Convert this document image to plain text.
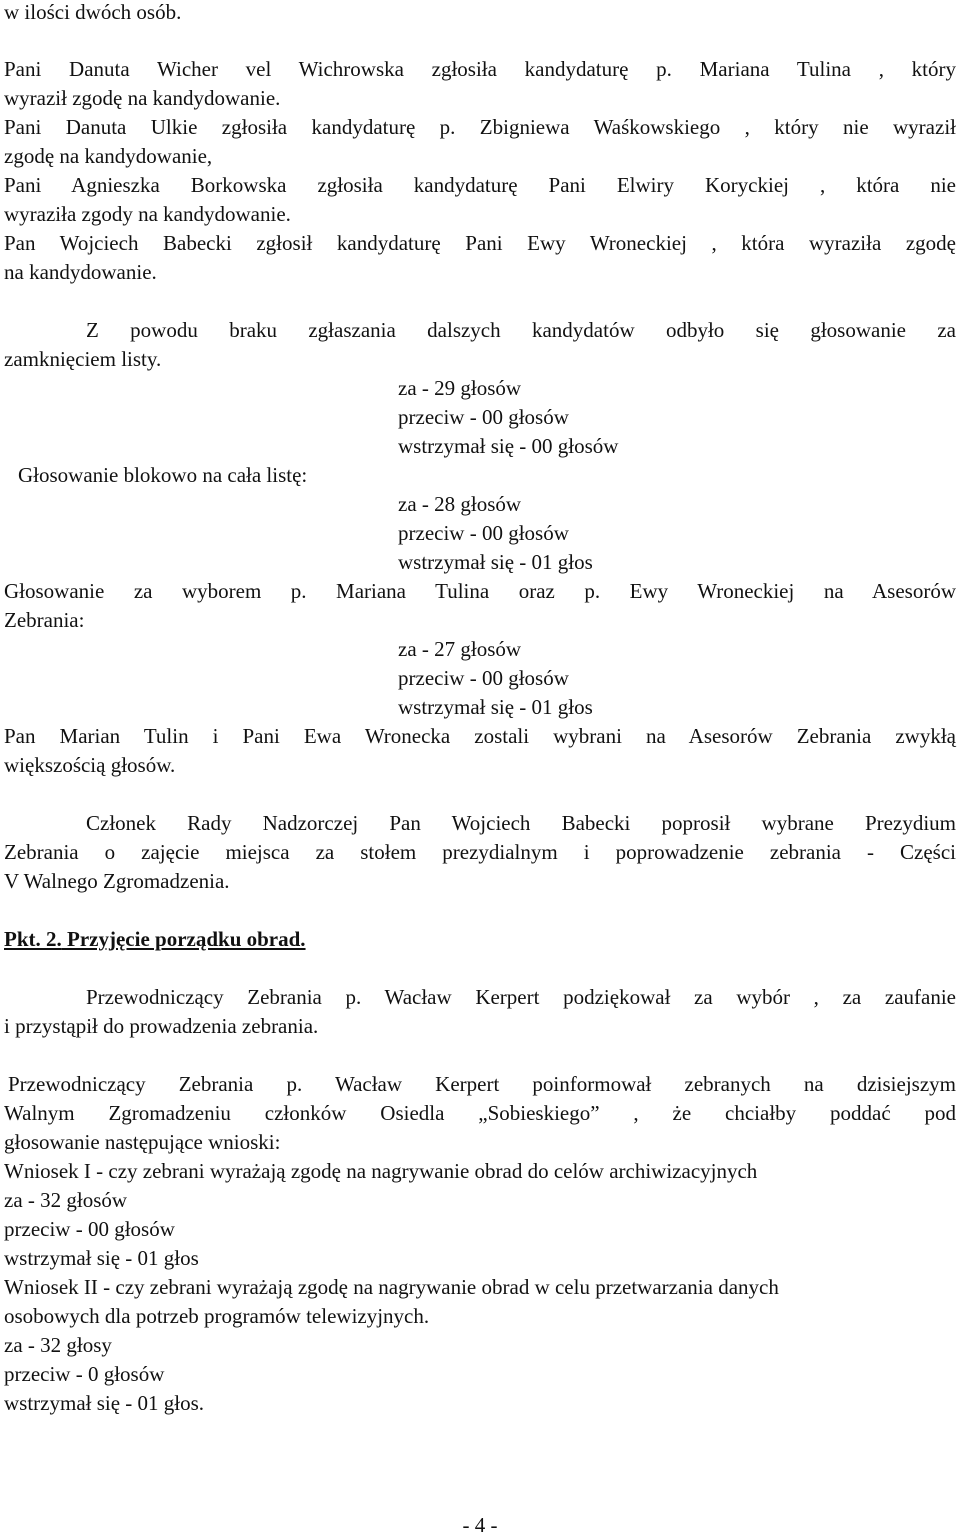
w ilości dwóch osób.
Pani Danuta Wicher vel Wichrowska zgłosiła kandydaturę p. Mariana Tulina , który
wyraził zgodę na kandydowanie.
Pani Danuta Ulkie zgłosiła kandydaturę p. Zbigniewa Waśkowskiego , który nie wyraził
zgodę na kandydowanie,
Pani Agnieszka Borkowska zgłosiła kandydaturę Pani Elwiry Koryckiej , która nie
wyraziła zgody na kandydowanie.
Pan Wojciech Babecki zgłosił kandydaturę Pani Ewy Wroneckiej , która wyraziła zgodę
na kandydowanie.
Z powodu braku zgłaszania dalszych kandydatów odbyło się głosowanie za
zamknięciem listy.
za - 29 głosów
przeciw - 00 głosów
wstrzymał się - 00 głosów
Głosowanie blokowo na cała listę:
za - 28 głosów
przeciw - 00 głosów
wstrzymał się - 01 głos
Głosowanie za wyborem p. Mariana Tulina oraz p. Ewy Wroneckiej na Asesorów
Zebrania:
za - 27 głosów
przeciw - 00 głosów
wstrzymał się - 01 głos
Pan Marian Tulin i Pani Ewa Wronecka zostali wybrani na Asesorów Zebrania zwykłą
większością głosów.
Członek Rady Nadzorczej Pan Wojciech Babecki poprosił wybrane Prezydium
Zebrania o zajęcie miejsca za stołem prezydialnym i poprowadzenie zebrania - Części
V Walnego Zgromadzenia.
Pkt. 2. Przyjęcie porządku obrad.
Przewodniczący Zebrania p. Wacław Kerpert podziękował za wybór , za zaufanie
i przystąpił do prowadzenia zebrania.
Przewodniczący Zebrania p. Wacław Kerpert poinformował zebranych na dzisiejszym
Walnym Zgromadzeniu członków Osiedla „Sobieskiego” , że chciałby poddać pod
głosowanie następujące wnioski:
Wniosek I - czy zebrani wyrażają zgodę na nagrywanie obrad do celów archiwizacyjnych
za - 32 głosów
przeciw - 00 głosów
wstrzymał się - 01 głos
Wniosek II - czy zebrani wyrażają zgodę na nagrywanie obrad w celu przetwarzania danych
osobowych dla potrzeb programów telewizyjnych.
za - 32 głosy
przeciw - 0 głosów
wstrzymał się - 01 głos.
- 4 -
